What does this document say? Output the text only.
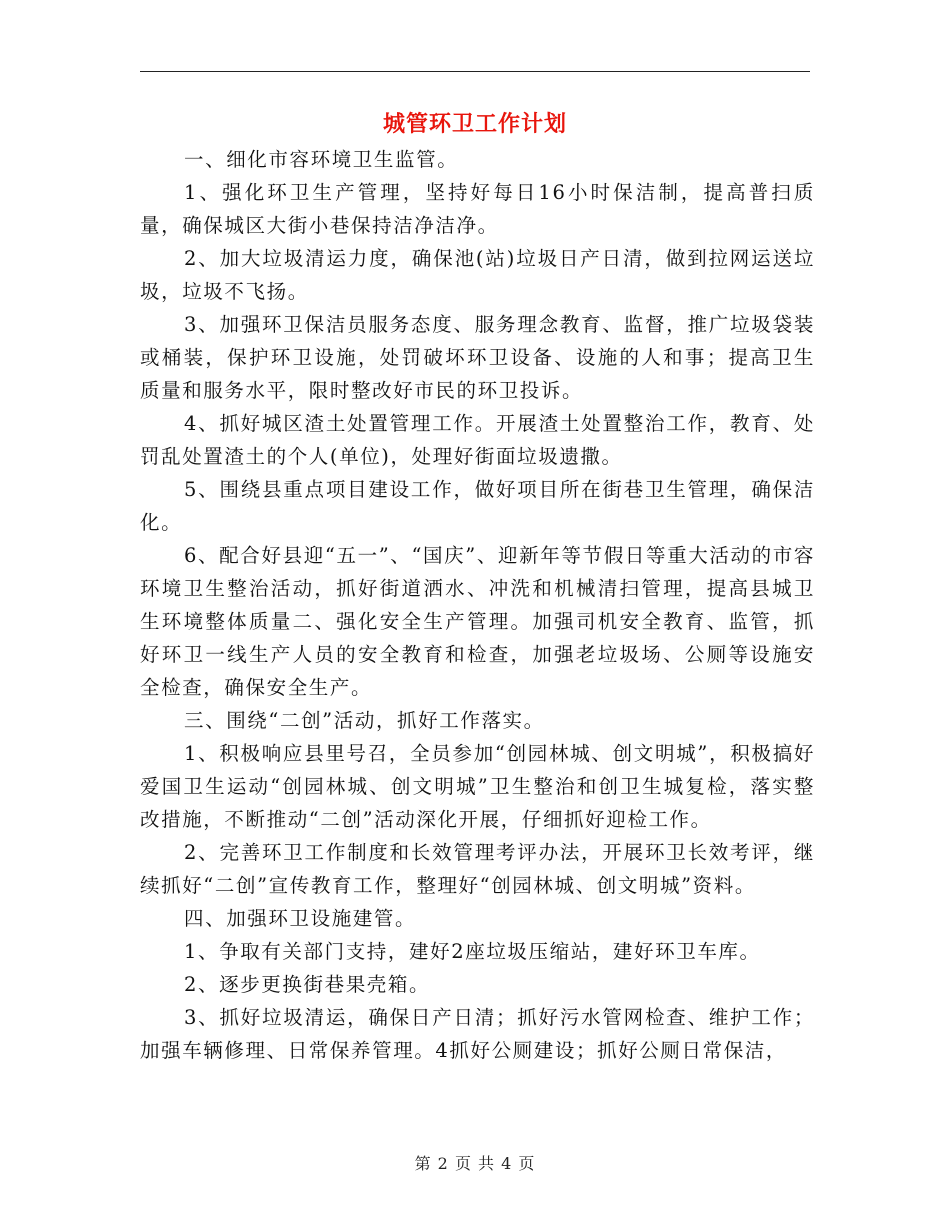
城管环卫工作计划

一、细化市容环境卫生监管。

1、强化环卫生产管理，坚持好每日16小时保洁制，提高普扫质量，确保城区大街小巷保持洁净洁净。

2、加大垃圾清运力度，确保池(站)垃圾日产日清，做到拉网运送垃圾，垃圾不飞扬。

3、加强环卫保洁员服务态度、服务理念教育、监督，推广垃圾袋装或桶装，保护环卫设施，处罚破坏环卫设备、设施的人和事；提高卫生质量和服务水平，限时整改好市民的环卫投诉。

4、抓好城区渣土处置管理工作。开展渣土处置整治工作，教育、处罚乱处置渣土的个人(单位)，处理好街面垃圾遗撒。

5、围绕县重点项目建设工作，做好项目所在街巷卫生管理，确保洁化。

6、配合好县迎“五一”、“国庆”、迎新年等节假日等重大活动的市容环境卫生整治活动，抓好街道洒水、冲洗和机械清扫管理，提高县城卫生环境整体质量二、强化安全生产管理。加强司机安全教育、监管，抓好环卫一线生产人员的安全教育和检查，加强老垃圾场、公厕等设施安全检查，确保安全生产。

三、围绕“二创”活动，抓好工作落实。

1、积极响应县里号召，全员参加“创园林城、创文明城”，积极搞好爱国卫生运动“创园林城、创文明城”卫生整治和创卫生城复检，落实整改措施，不断推动“二创”活动深化开展，仔细抓好迎检工作。

2、完善环卫工作制度和长效管理考评办法，开展环卫长效考评，继续抓好“二创”宣传教育工作，整理好“创园林城、创文明城”资料。

四、加强环卫设施建管。

1、争取有关部门支持，建好2座垃圾压缩站，建好环卫车库。

2、逐步更换街巷果壳箱。

3、抓好垃圾清运，确保日产日清；抓好污水管网检查、维护工作；加强车辆修理、日常保养管理。4抓好公厕建设；抓好公厕日常保洁，

第 2 页 共 4 页
